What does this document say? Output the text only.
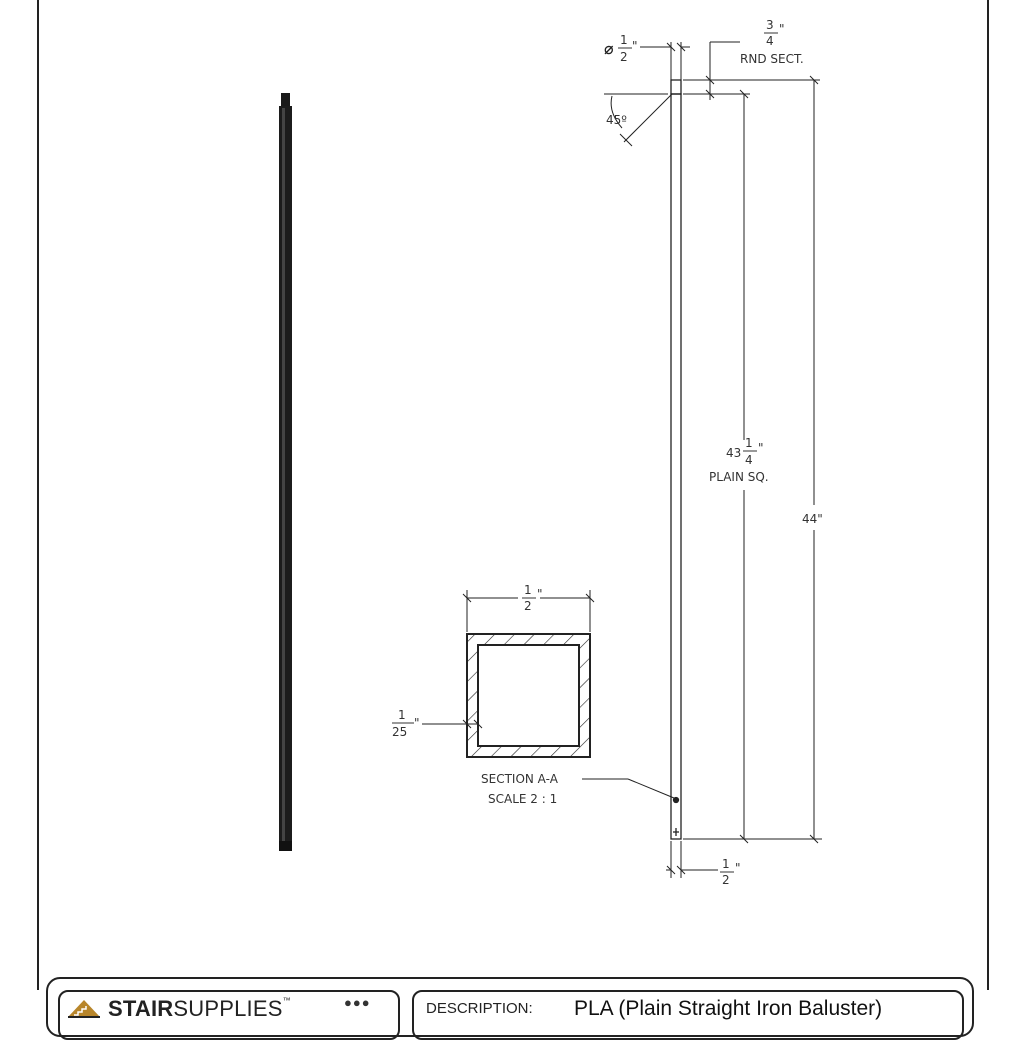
⌀ 1
2
"
3
4
"
RND SECT.
45º
43
1
4
"
PLAIN SQ.
44"
1
2
"
1
2
"
1
25
"
SECTION A-A
SCALE 2 : 1
STAIRSUPPLIES™	●●●	DESCRIPTION: PLA (Plain Straight Iron Baluster)
